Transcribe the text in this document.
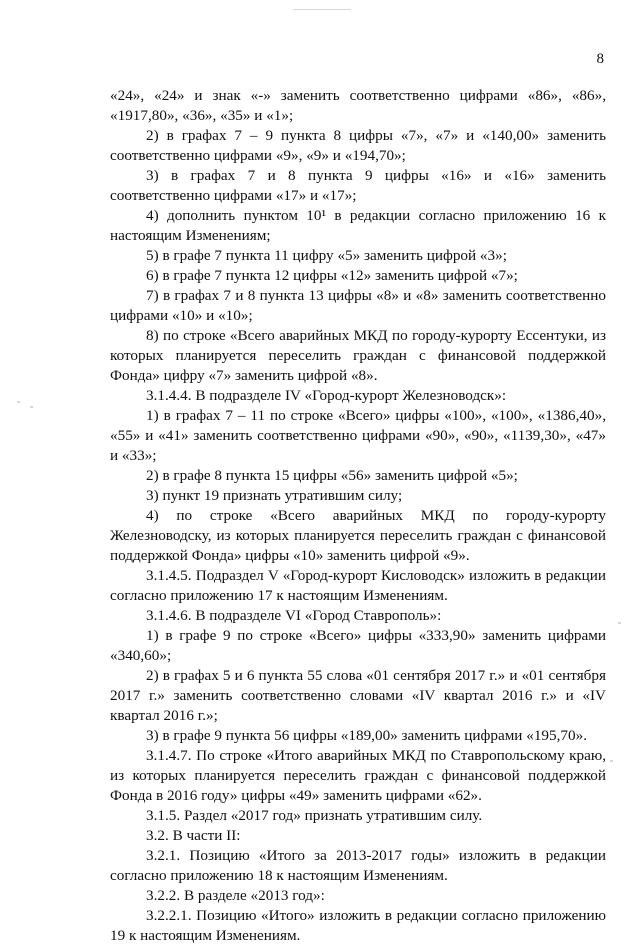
8

«24», «24» и знак «-» заменить соответственно цифрами «86», «86», «1917,80», «36», «35» и «1»;

2) в графах 7 – 9 пункта 8 цифры «7», «7» и «140,00» заменить соответственно цифрами «9», «9» и «194,70»;

3) в графах 7 и 8 пункта 9 цифры «16» и «16» заменить соответственно цифрами «17» и «17»;

4) дополнить пунктом 10¹ в редакции согласно приложению 16 к настоящим Изменениям;

5) в графе 7 пункта 11 цифру «5» заменить цифрой «3»;

6) в графе 7 пункта 12 цифры «12» заменить цифрой «7»;

7) в графах 7 и 8 пункта 13 цифры «8» и «8» заменить соответственно цифрами «10» и «10»;

8) по строке «Всего аварийных МКД по городу-курорту Ессентуки, из которых планируется переселить граждан с финансовой поддержкой Фонда» цифру «7» заменить цифрой «8».

3.1.4.4. В подразделе IV «Город-курорт Железноводск»:

1) в графах 7 – 11 по строке «Всего» цифры «100», «100», «1386,40», «55» и «41» заменить соответственно цифрами «90», «90», «1139,30», «47» и «33»;

2) в графе 8 пункта 15 цифры «56» заменить цифрой «5»;

3) пункт 19 признать утратившим силу;

4) по строке «Всего аварийных МКД по городу-курорту Железноводску, из которых планируется переселить граждан с финансовой поддержкой Фонда» цифры «10» заменить цифрой «9».

3.1.4.5. Подраздел V «Город-курорт Кисловодск» изложить в редакции согласно приложению 17 к настоящим Изменениям.

3.1.4.6. В подразделе VI «Город Ставрополь»:

1) в графе 9 по строке «Всего» цифры «333,90» заменить цифрами «340,60»;

2) в графах 5 и 6 пункта 55 слова «01 сентября 2017 г.» и «01 сентября 2017 г.» заменить соответственно словами «IV квартал 2016 г.» и «IV квартал 2016 г.»;

3) в графе 9 пункта 56 цифры «189,00» заменить цифрами «195,70».

3.1.4.7. По строке «Итого аварийных МКД по Ставропольскому краю, из которых планируется переселить граждан с финансовой поддержкой Фонда в 2016 году» цифры «49» заменить цифрами «62».

3.1.5. Раздел «2017 год» признать утратившим силу.

3.2. В части II:

3.2.1. Позицию «Итого за 2013-2017 годы» изложить в редакции согласно приложению 18 к настоящим Изменениям.

3.2.2. В разделе «2013 год»:

3.2.2.1. Позицию «Итого» изложить в редакции согласно приложению 19 к настоящим Изменениям.
